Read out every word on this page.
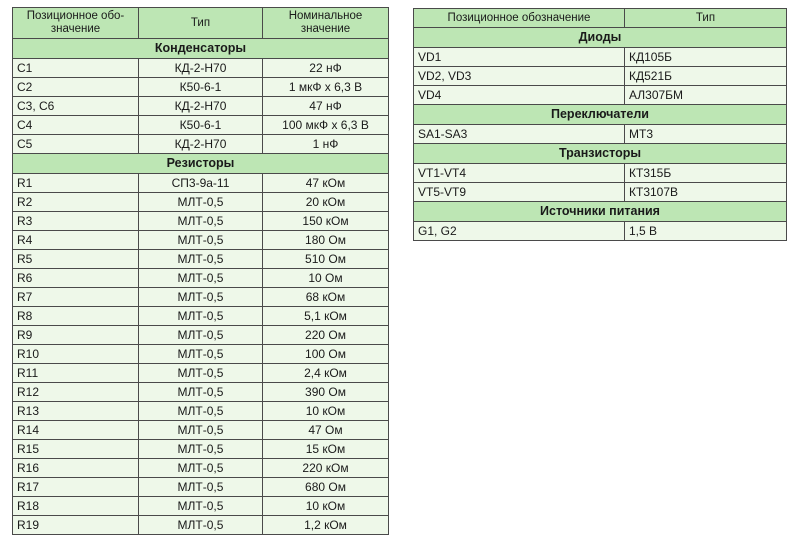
Позиционное обо-
значение	Тип	Номинальное
значение
Конденсаторы		
C1	КД-2-Н70	22 нФ
C2	К50-6-1	1 мкФ х 6,3 В
C3, C6	КД-2-Н70	47 нФ
C4	К50-6-1	100 мкФ х 6,3 В
C5	КД-2-Н70	1 нФ
Резисторы		
R1	СП3-9а-11	47 кОм
R2	МЛТ-0,5	20 кОм
R3	МЛТ-0,5	150 кОм
R4	МЛТ-0,5	180 Ом
R5	МЛТ-0,5	510 Ом
R6	МЛТ-0,5	10 Ом
R7	МЛТ-0,5	68 кОм
R8	МЛТ-0,5	5,1 кОм
R9	МЛТ-0,5	220 Ом
R10	МЛТ-0,5	100 Ом
R11	МЛТ-0,5	2,4 кОм
R12	МЛТ-0,5	390 Ом
R13	МЛТ-0,5	10 кОм
R14	МЛТ-0,5	47 Ом
R15	МЛТ-0,5	15 кОм
R16	МЛТ-0,5	220 кОм
R17	МЛТ-0,5	680 Ом
R18	МЛТ-0,5	10 кОм
R19	МЛТ-0,5	1,2 кОм
Позиционное обозначение	Тип
Диоды	
VD1	КД105Б
VD2, VD3	КД521Б
VD4	АЛ307БМ
Переключатели	
SA1-SA3	МТ3
Транзисторы	
VT1-VT4	КТ315Б
VT5-VT9	КТ3107В
Источники питания	
G1, G2	1,5 В
